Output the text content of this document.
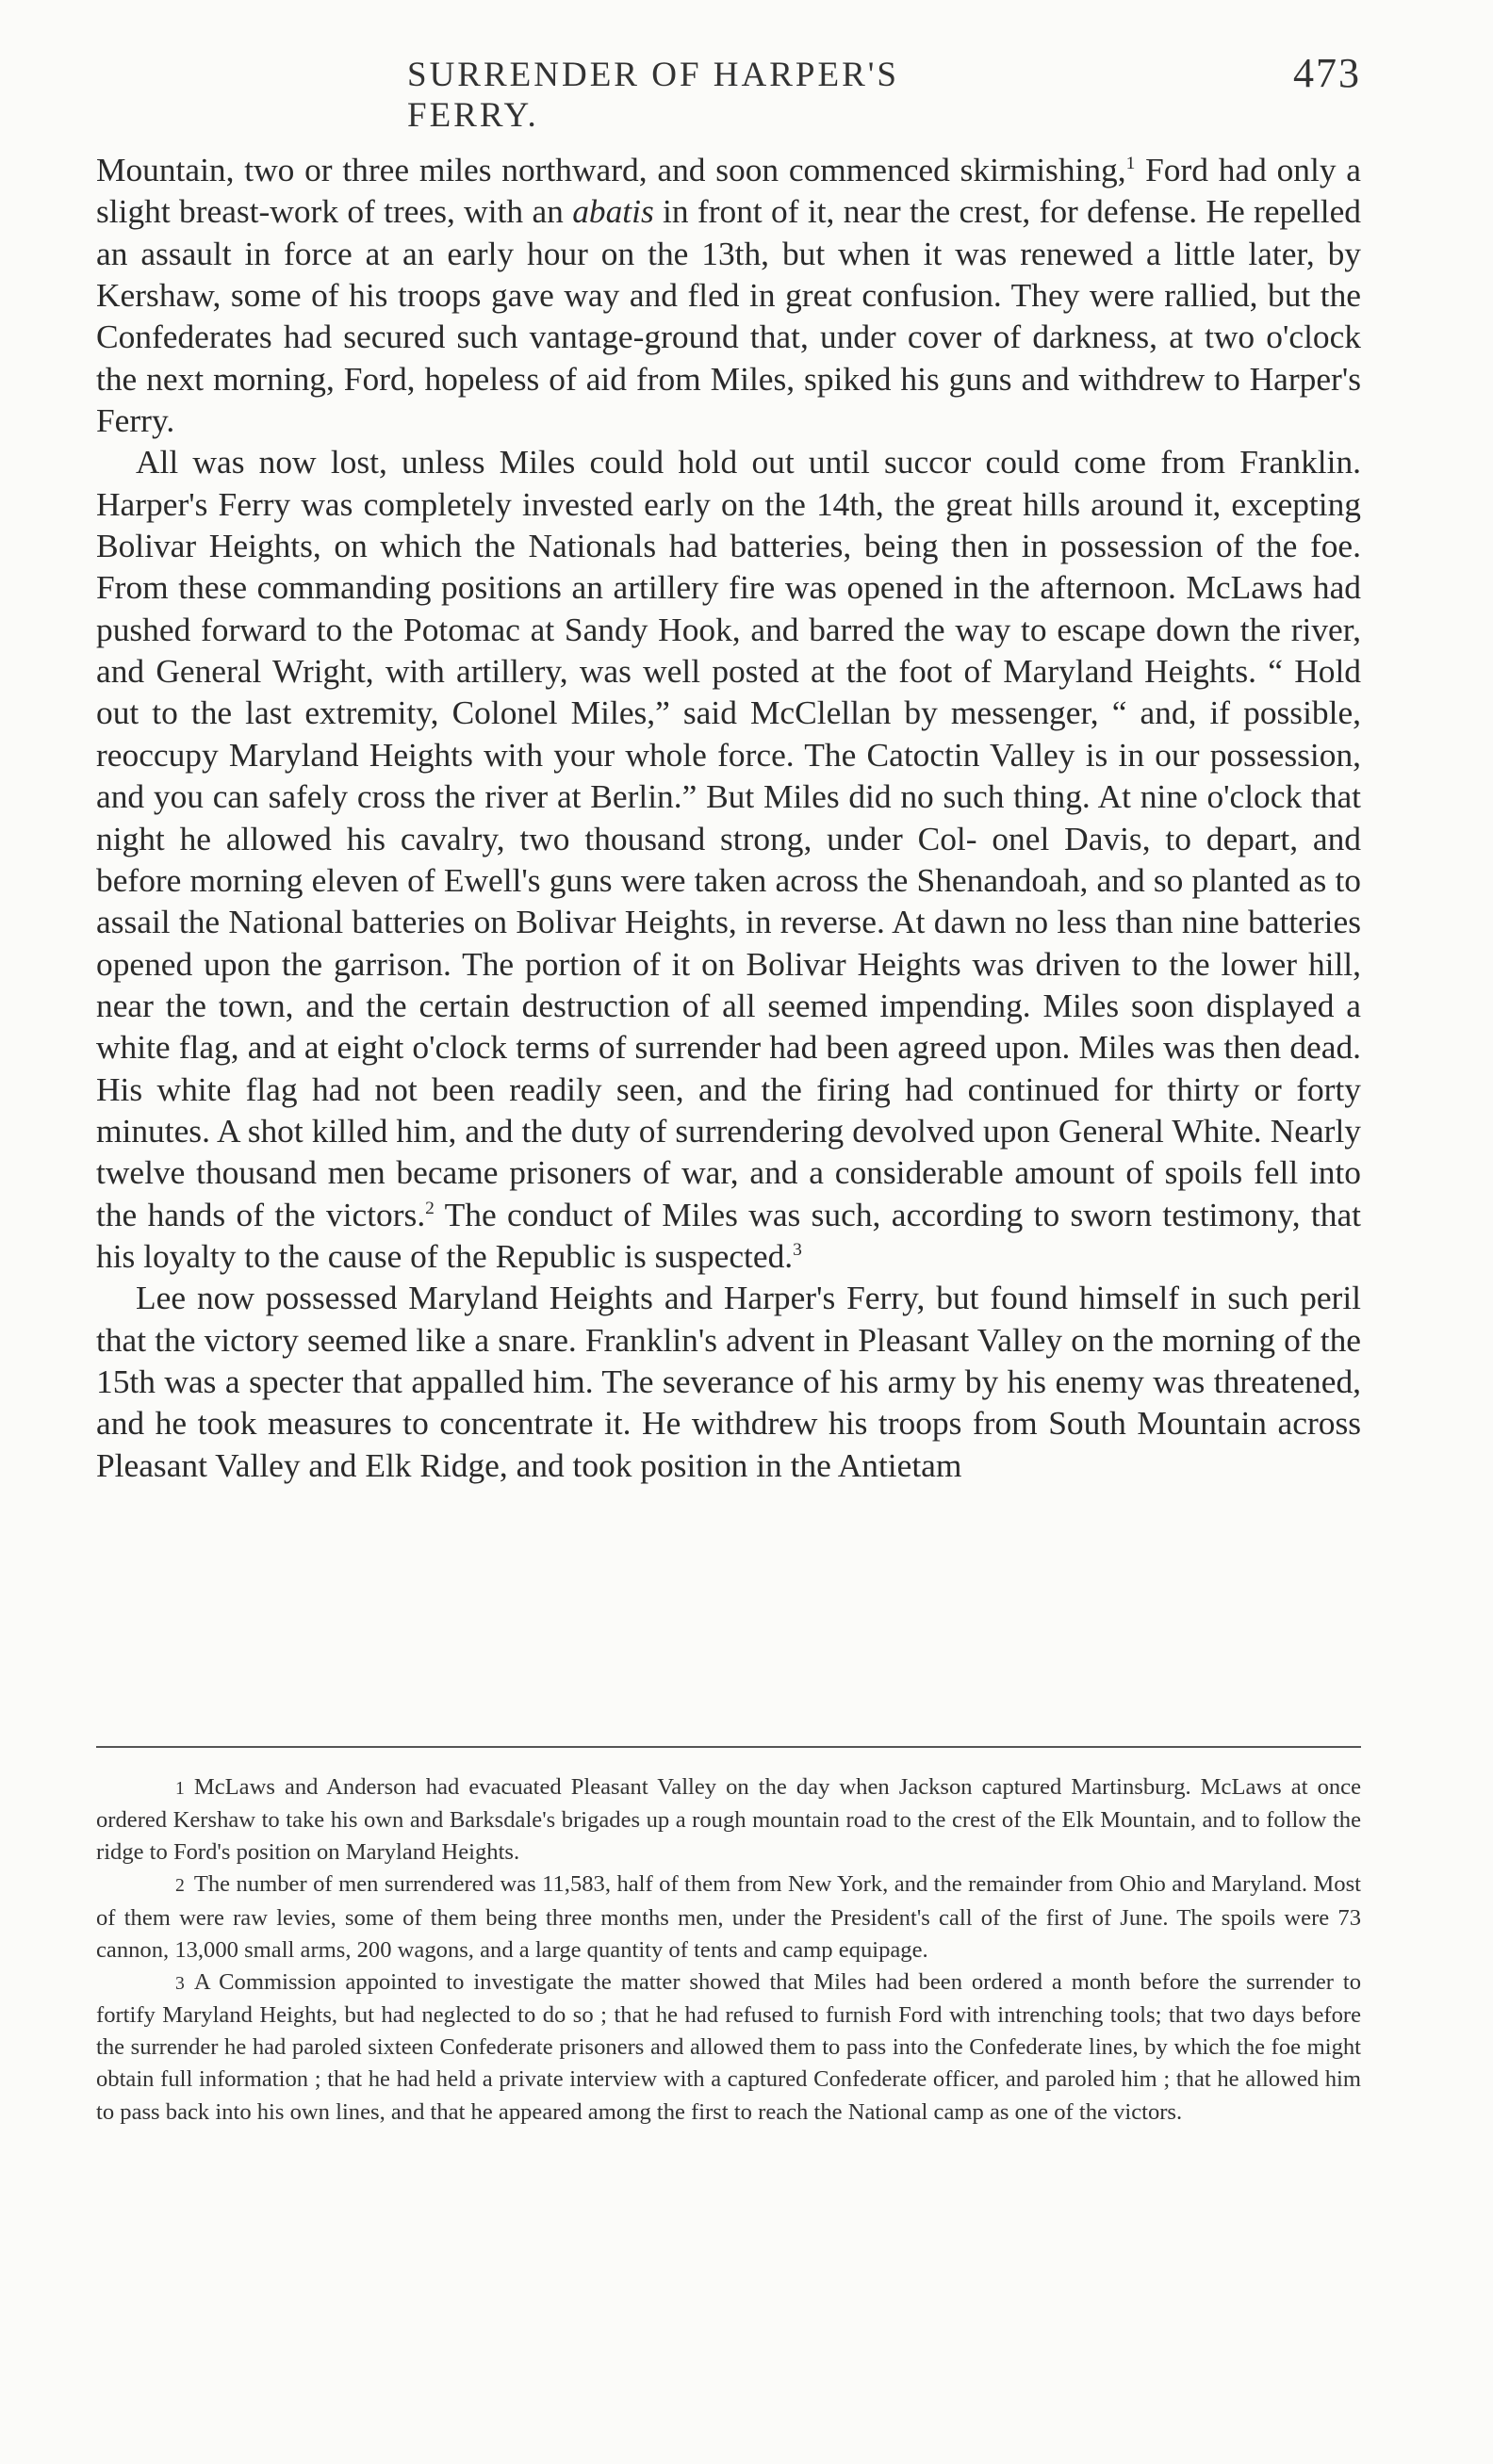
SURRENDER OF HARPER'S FERRY.
473

Mountain, two or three miles northward, and soon commenced skirmishing,$^1$ Ford had only a slight breast-work of trees, with an abatis in front of it, near the crest, for defense. He repelled an assault in force at an early hour on the 13th, but when it was renewed a little later, by Kershaw, some of his troops gave way and fled in great confusion. They were rallied, but the Confederates had secured such vantage-ground that, under cover of darkness, at two o'clock the next morning, Ford, hopeless of aid from Miles, spiked his guns and withdrew to Harper's Ferry.

All was now lost, unless Miles could hold out until succor could come from Franklin. Harper's Ferry was completely invested early on the 14th, the great hills around it, excepting Bolivar Heights, on which the Nationals had batteries, being then in possession of the foe. From these commanding positions an artillery fire was opened in the afternoon. McLaws had pushed forward to the Potomac at Sandy Hook, and barred the way to escape down the river, and General Wright, with artillery, was well posted at the foot of Maryland Heights. “ Hold out to the last extremity, Colonel Miles,” said McClellan by messenger, “ and, if possible, reoccupy Maryland Heights with your whole force. The Catoctin Valley is in our possession, and you can safely cross the river at Berlin.” But Miles did no such thing. At nine o'clock that night he allowed his cavalry, two thousand strong, under Col- onel Davis, to depart, and before morning eleven of Ewell's guns were taken across the Shenandoah, and so planted as to assail the National batteries on Bolivar Heights, in reverse. At dawn no less than nine batteries opened upon the garrison. The portion of it on Bolivar Heights was driven to the lower hill, near the town, and the certain destruction of all seemed impending. Miles soon displayed a white flag, and at eight o'clock terms of surrender had been agreed upon. Miles was then dead. His white flag had not been readily seen, and the firing had continued for thirty or forty minutes. A shot killed him, and the duty of surrendering devolved upon General White. Nearly twelve thousand men became prisoners of war, and a considerable amount of spoils fell into the hands of the victors.$^2$ The conduct of Miles was such, according to sworn testimony, that his loyalty to the cause of the Republic is suspected.$^3$

Lee now possessed Maryland Heights and Harper's Ferry, but found himself in such peril that the victory seemed like a snare. Franklin's advent in Pleasant Valley on the morning of the 15th was a specter that appalled him. The severance of his army by his enemy was threatened, and he took measures to concentrate it. He withdrew his troops from South Mountain across Pleasant Valley and Elk Ridge, and took position in the Antietam

1 McLaws and Anderson had evacuated Pleasant Valley on the day when Jackson captured Martinsburg. McLaws at once ordered Kershaw to take his own and Barksdale's brigades up a rough mountain road to the crest of the Elk Mountain, and to follow the ridge to Ford's position on Maryland Heights.

2 The number of men surrendered was 11,583, half of them from New York, and the remainder from Ohio and Maryland. Most of them were raw levies, some of them being three months men, under the President's call of the first of June. The spoils were 73 cannon, 13,000 small arms, 200 wagons, and a large quantity of tents and camp equipage.

3 A Commission appointed to investigate the matter showed that Miles had been ordered a month before the surrender to fortify Maryland Heights, but had neglected to do so ; that he had refused to furnish Ford with intrenching tools; that two days before the surrender he had paroled sixteen Confederate prisoners and allowed them to pass into the Confederate lines, by which the foe might obtain full information ; that he had held a private interview with a captured Confederate officer, and paroled him ; that he allowed him to pass back into his own lines, and that he appeared among the first to reach the National camp as one of the victors.
